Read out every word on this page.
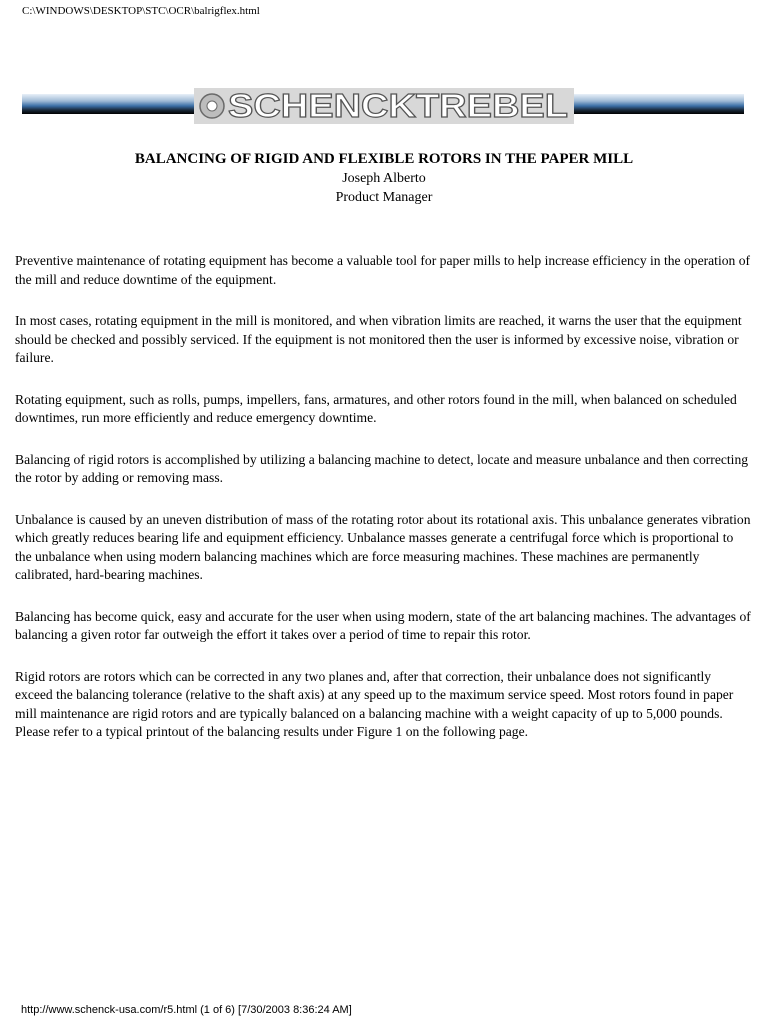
C:\WINDOWS\DESKTOP\STC\OCR\balrigflex.html
SCHENCKTREBEL

BALANCING OF RIGID AND FLEXIBLE ROTORS IN THE PAPER MILL

Joseph Alberto

Product Manager

Preventive maintenance of rotating equipment has become a valuable tool for paper mills to help increase efficiency in the operation of the mill and reduce downtime of the equipment.

In most cases, rotating equipment in the mill is monitored, and when vibration limits are reached, it warns the user that the equipment should be checked and possibly serviced. If the equipment is not monitored then the user is informed by excessive noise, vibration or failure.

Rotating equipment, such as rolls, pumps, impellers, fans, armatures, and other rotors found in the mill, when balanced on scheduled downtimes, run more efficiently and reduce emergency downtime.

Balancing of rigid rotors is accomplished by utilizing a balancing machine to detect, locate and measure unbalance and then correcting the rotor by adding or removing mass.

Unbalance is caused by an uneven distribution of mass of the rotating rotor about its rotational axis. This unbalance generates vibration which greatly reduces bearing life and equipment efficiency. Unbalance masses generate a centrifugal force which is proportional to the unbalance when using modern balancing machines which are force measuring machines. These machines are permanently calibrated, hard-bearing machines.

Balancing has become quick, easy and accurate for the user when using modern, state of the art balancing machines. The advantages of balancing a given rotor far outweigh the effort it takes over a period of time to repair this rotor.

Rigid rotors are rotors which can be corrected in any two planes and, after that correction, their unbalance does not significantly exceed the balancing tolerance (relative to the shaft axis) at any speed up to the maximum service speed. Most rotors found in paper mill maintenance are rigid rotors and are typically balanced on a balancing machine with a weight capacity of up to 5,000 pounds. Please refer to a typical printout of the balancing results under Figure 1 on the following page.

http://www.schenck-usa.com/r5.html (1 of 6) [7/30/2003 8:36:24 AM]
